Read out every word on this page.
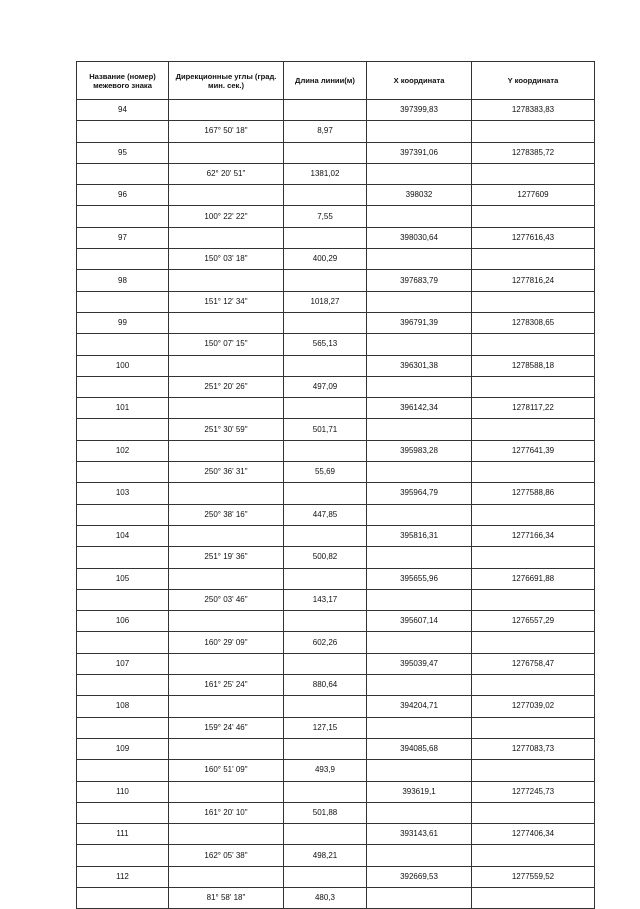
Название (номер) межевого знака	Дирекционные углы (град. мин. сек.)	Длина линии(м)	X координата	Y координата
94			397399,83	1278383,83
	167° 50' 18"	8,97		
95			397391,06	1278385,72
	62° 20' 51"	1381,02		
96			398032	1277609
	100° 22' 22"	7,55		
97			398030,64	1277616,43
	150° 03' 18"	400,29		
98			397683,79	1277816,24
	151° 12' 34"	1018,27		
99			396791,39	1278308,65
	150° 07' 15"	565,13		
100			396301,38	1278588,18
	251° 20' 26"	497,09		
101			396142,34	1278117,22
	251° 30' 59"	501,71		
102			395983,28	1277641,39
	250° 36' 31"	55,69		
103			395964,79	1277588,86
	250° 38' 16"	447,85		
104			395816,31	1277166,34
	251° 19' 36"	500,82		
105			395655,96	1276691,88
	250° 03' 46"	143,17		
106			395607,14	1276557,29
	160° 29' 09"	602,26		
107			395039,47	1276758,47
	161° 25' 24"	880,64		
108			394204,71	1277039,02
	159° 24' 46"	127,15		
109			394085,68	1277083,73
	160° 51' 09"	493,9		
110			393619,1	1277245,73
	161° 20' 10"	501,88		
111			393143,61	1277406,34
	162° 05' 38"	498,21		
112			392669,53	1277559,52
	81° 58' 18"	480,3		
